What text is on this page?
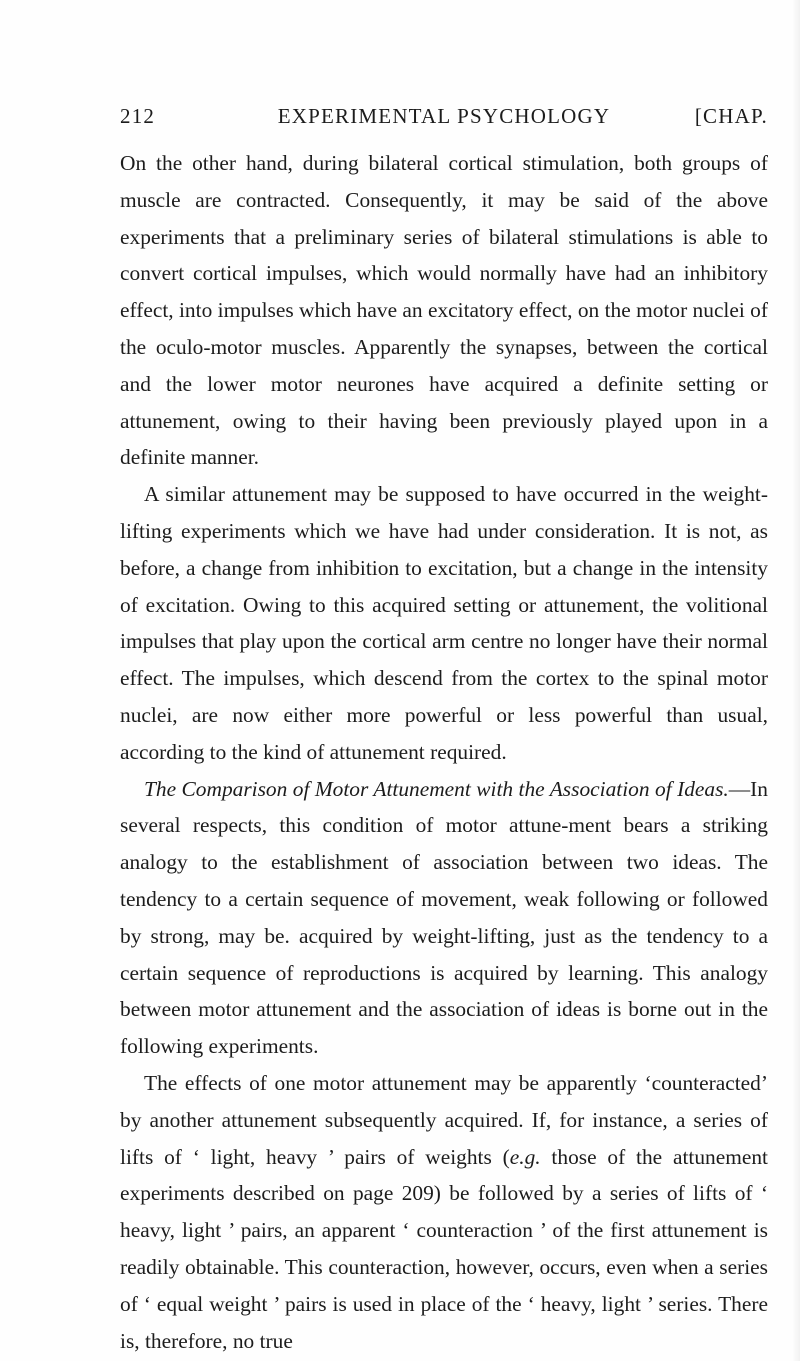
212	EXPERIMENTAL PSYCHOLOGY	[CHAP.

On the other hand, during bilateral cortical stimulation, both groups of muscle are contracted. Consequently, it may be said of the above experiments that a preliminary series of bilateral stimulations is able to convert cortical impulses, which would normally have had an inhibitory effect, into impulses which have an excitatory effect, on the motor nuclei of the oculo-motor muscles. Apparently the synapses, between the cortical and the lower motor neurones have acquired a definite setting or attunement, owing to their having been previously played upon in a definite manner.

A similar attunement may be supposed to have occurred in the weight-lifting experiments which we have had under consideration. It is not, as before, a change from inhibition to excitation, but a change in the intensity of excitation. Owing to this acquired setting or attunement, the volitional impulses that play upon the cortical arm centre no longer have their normal effect. The impulses, which descend from the cortex to the spinal motor nuclei, are now either more powerful or less powerful than usual, according to the kind of attunement required.

The Comparison of Motor Attunement with the Association of Ideas.—In several respects, this condition of motor attune-ment bears a striking analogy to the establishment of association between two ideas. The tendency to a certain sequence of movement, weak following or followed by strong, may be. acquired by weight-lifting, just as the tendency to a certain sequence of reproductions is acquired by learning. This analogy between motor attunement and the association of ideas is borne out in the following experiments.

The effects of one motor attunement may be apparently ‘counteracted’ by another attunement subsequently acquired. If, for instance, a series of lifts of ‘ light, heavy ’ pairs of weights (e.g. those of the attunement experiments described on page 209) be followed by a series of lifts of ‘ heavy, light ’ pairs, an apparent ‘ counteraction ’ of the first attunement is readily obtainable. This counteraction, however, occurs, even when a series of ‘ equal weight ’ pairs is used in place of the ‘ heavy, light ’ series. There is, therefore, no true
